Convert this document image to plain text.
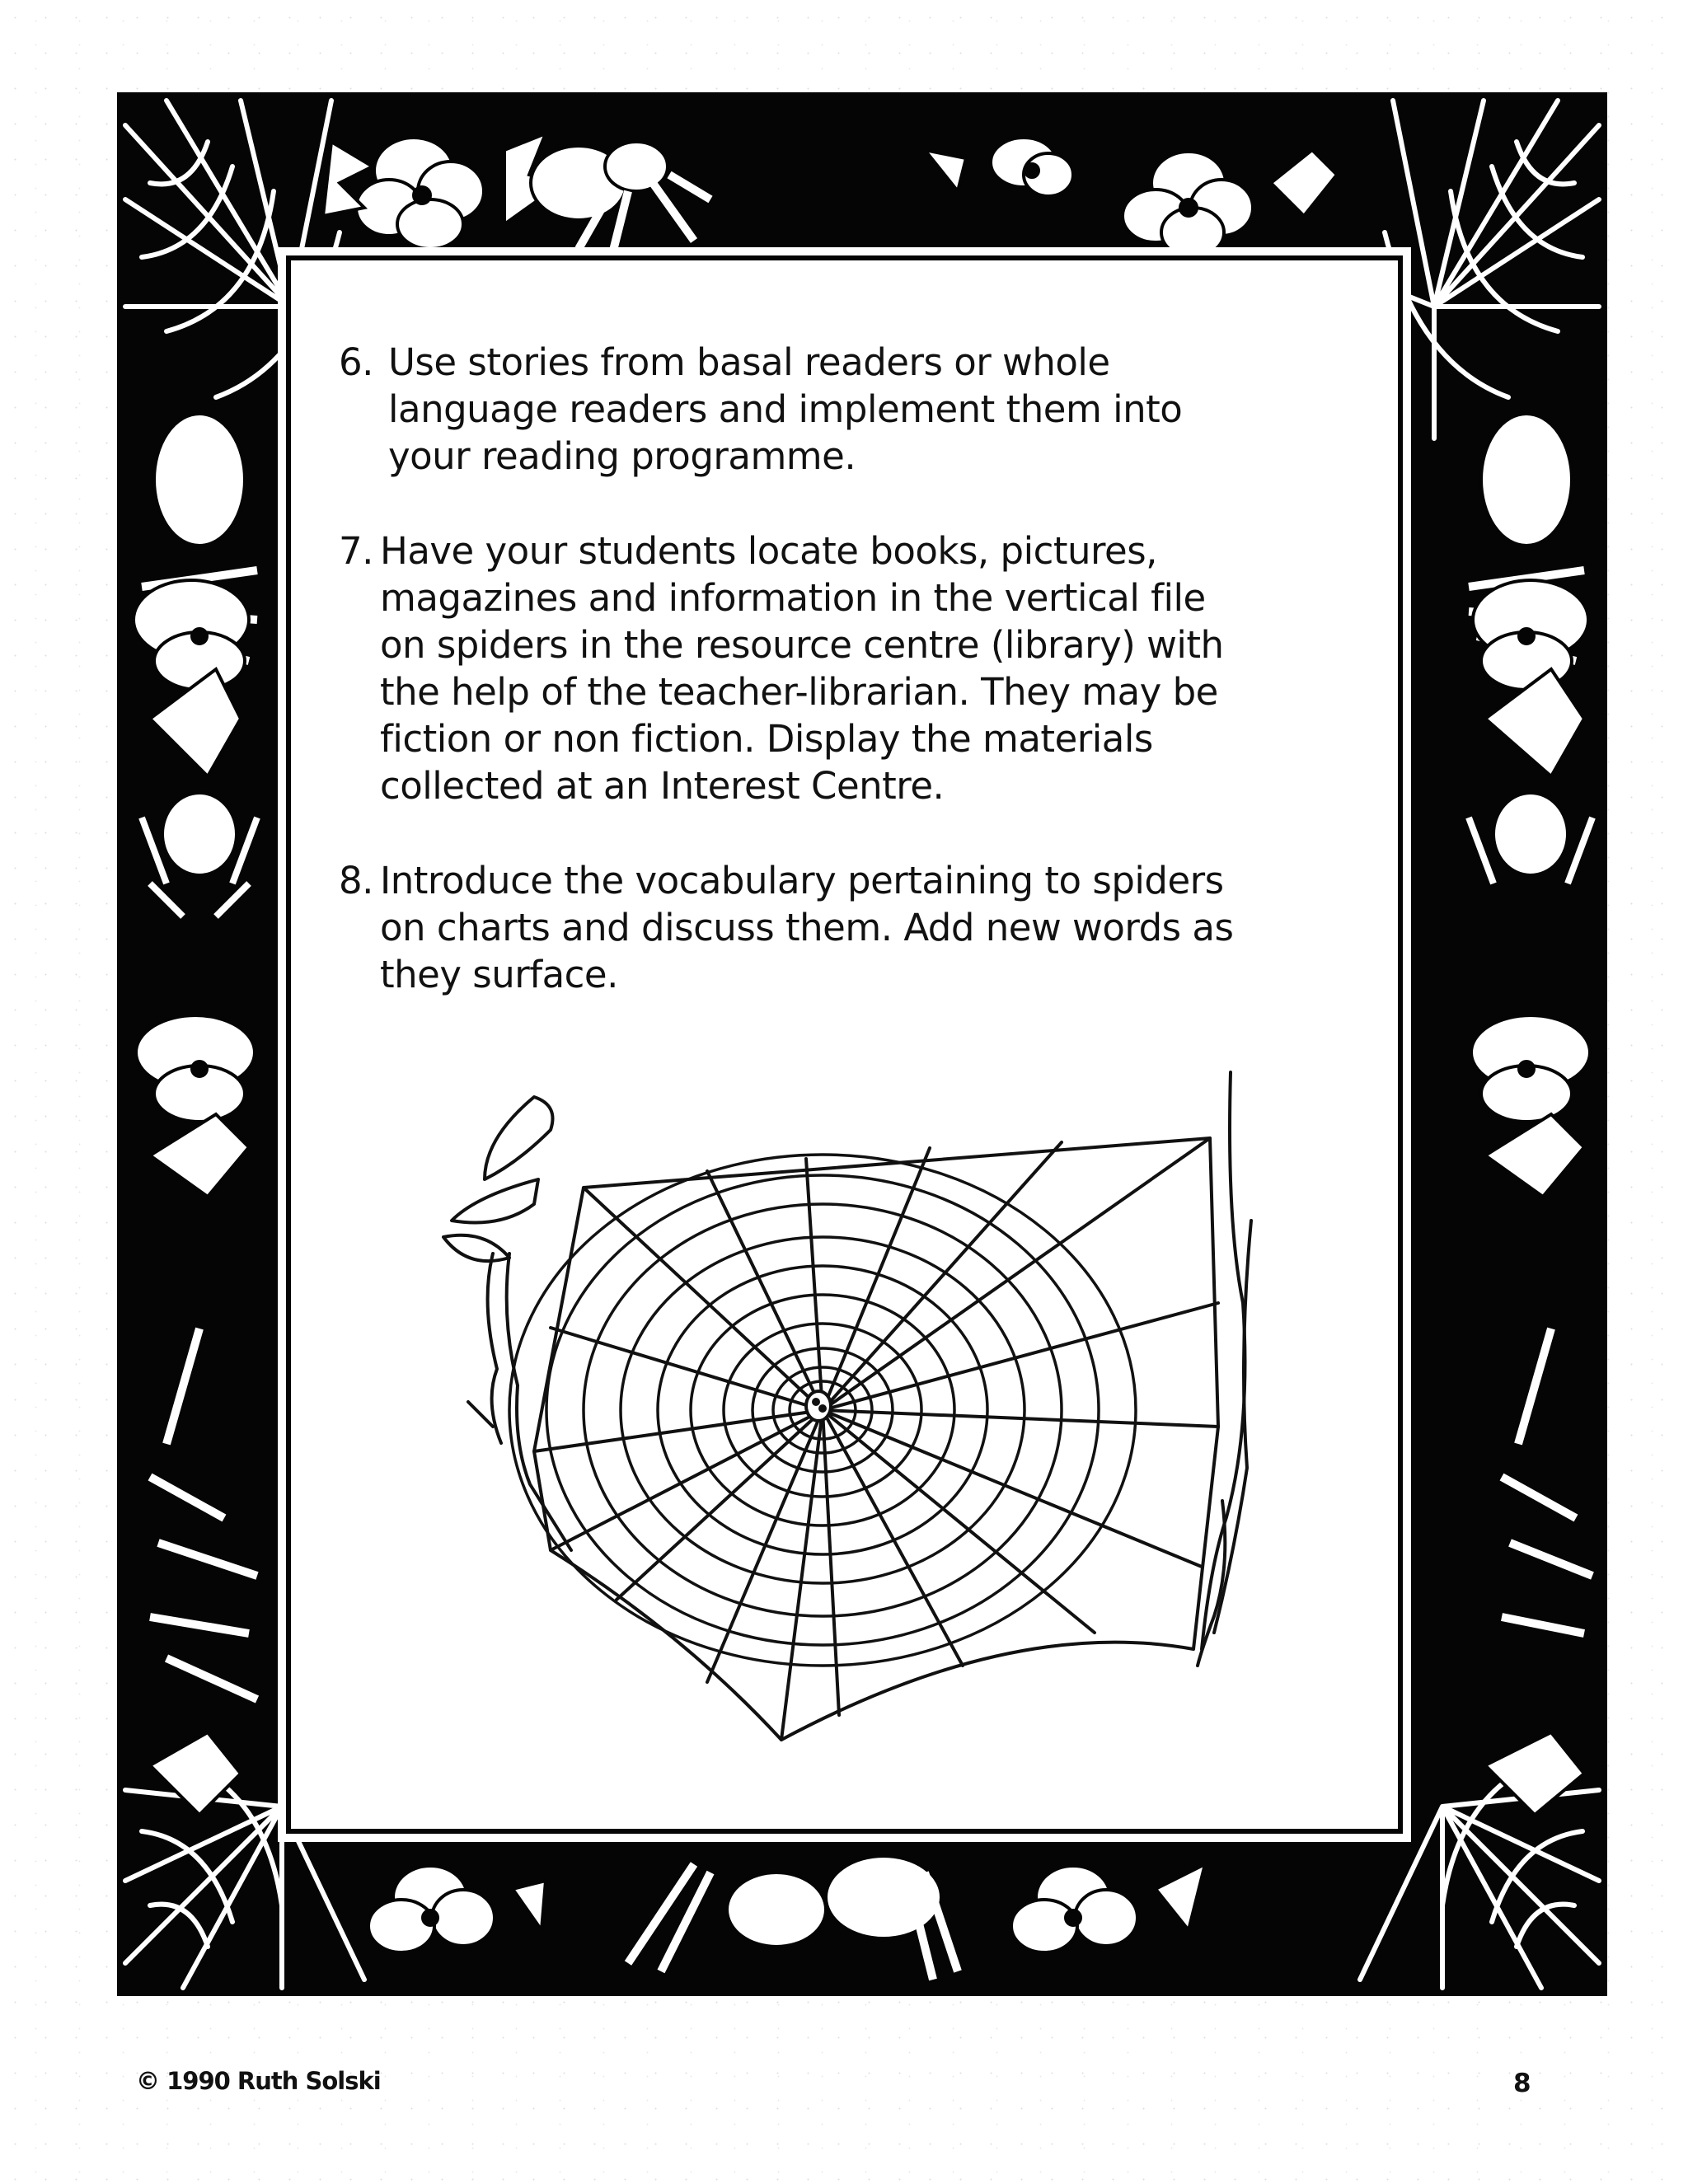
6. Use stories from basal readers or whole
language readers and implement them into
your reading programme.
7. Have your students locate books, pictures,
magazines and information in the vertical file
on spiders in the resource centre (library) with
the help of the teacher-librarian. They may be
fiction or non fiction. Display the materials
collected at an Interest Centre.
8. Introduce the vocabulary pertaining to spiders
on charts and discuss them. Add new words as
they surface.
© 1990 Ruth Solski	8
